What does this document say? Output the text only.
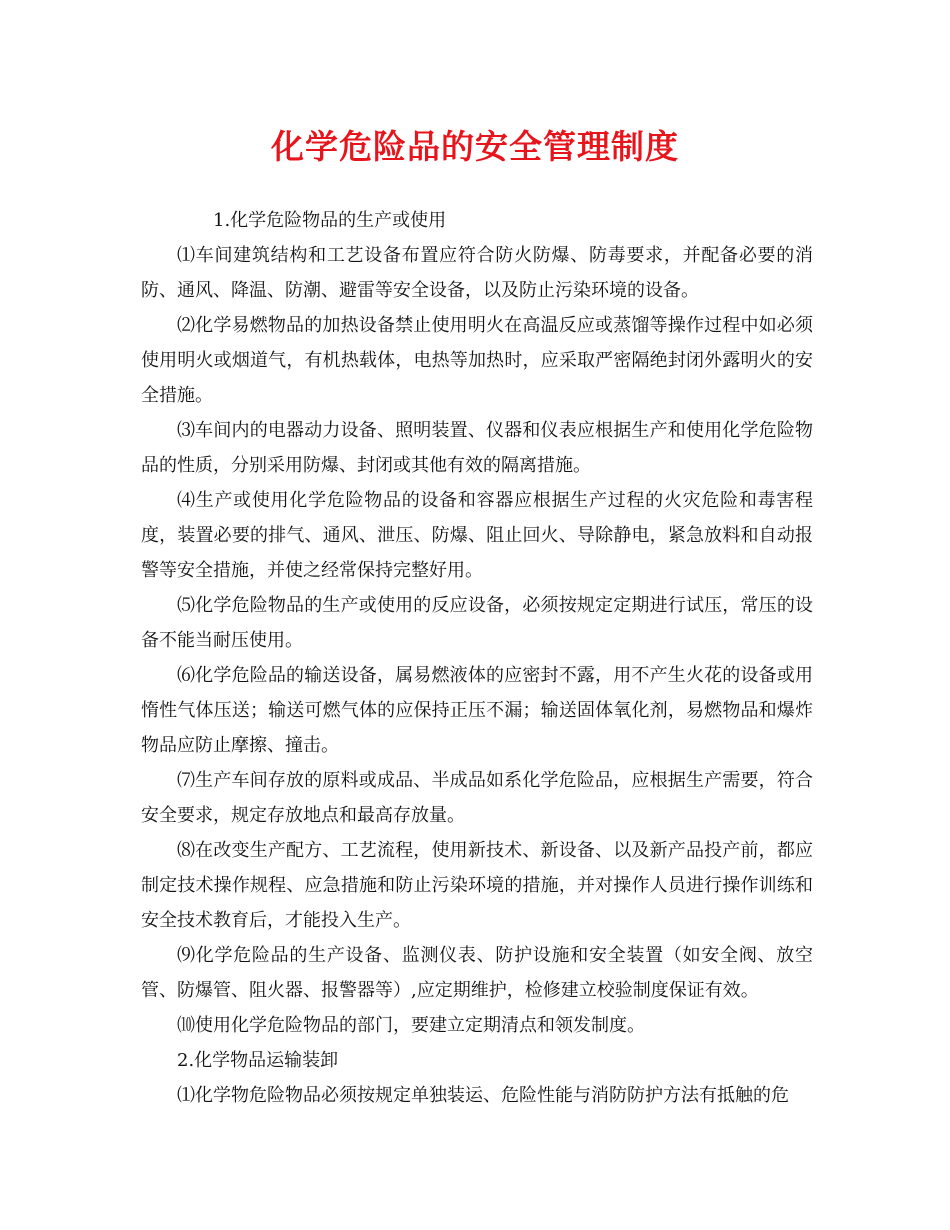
化学危险品的安全管理制度

1.化学危险物品的生产或使用

⑴车间建筑结构和工艺设备布置应符合防火防爆、防毒要求，并配备必要的消防、通风、降温、防潮、避雷等安全设备，以及防止污染环境的设备。

⑵化学易燃物品的加热设备禁止使用明火在高温反应或蒸馏等操作过程中如必须使用明火或烟道气，有机热载体，电热等加热时，应采取严密隔绝封闭外露明火的安全措施。

⑶车间内的电器动力设备、照明装置、仪器和仪表应根据生产和使用化学危险物品的性质，分别采用防爆、封闭或其他有效的隔离措施。

⑷生产或使用化学危险物品的设备和容器应根据生产过程的火灾危险和毒害程度，装置必要的排气、通风、泄压、防爆、阻止回火、导除静电，紧急放料和自动报警等安全措施，并使之经常保持完整好用。

⑸化学危险物品的生产或使用的反应设备，必须按规定定期进行试压，常压的设备不能当耐压使用。

⑹化学危险品的输送设备，属易燃液体的应密封不露，用不产生火花的设备或用惰性气体压送；输送可燃气体的应保持正压不漏；输送固体氧化剂，易燃物品和爆炸物品应防止摩擦、撞击。

⑺生产车间存放的原料或成品、半成品如系化学危险品，应根据生产需要，符合安全要求，规定存放地点和最高存放量。

⑻在改变生产配方、工艺流程，使用新技术、新设备、以及新产品投产前，都应制定技术操作规程、应急措施和防止污染环境的措施，并对操作人员进行操作训练和安全技术教育后，才能投入生产。

⑼化学危险品的生产设备、监测仪表、防护设施和安全装置（如安全阀、放空管、防爆管、阻火器、报警器等）,应定期维护，检修建立校验制度保证有效。

⑽使用化学危险物品的部门，要建立定期清点和领发制度。

2.化学物品运输装卸

⑴化学物危险物品必须按规定单独装运、危险性能与消防防护方法有抵触的危
